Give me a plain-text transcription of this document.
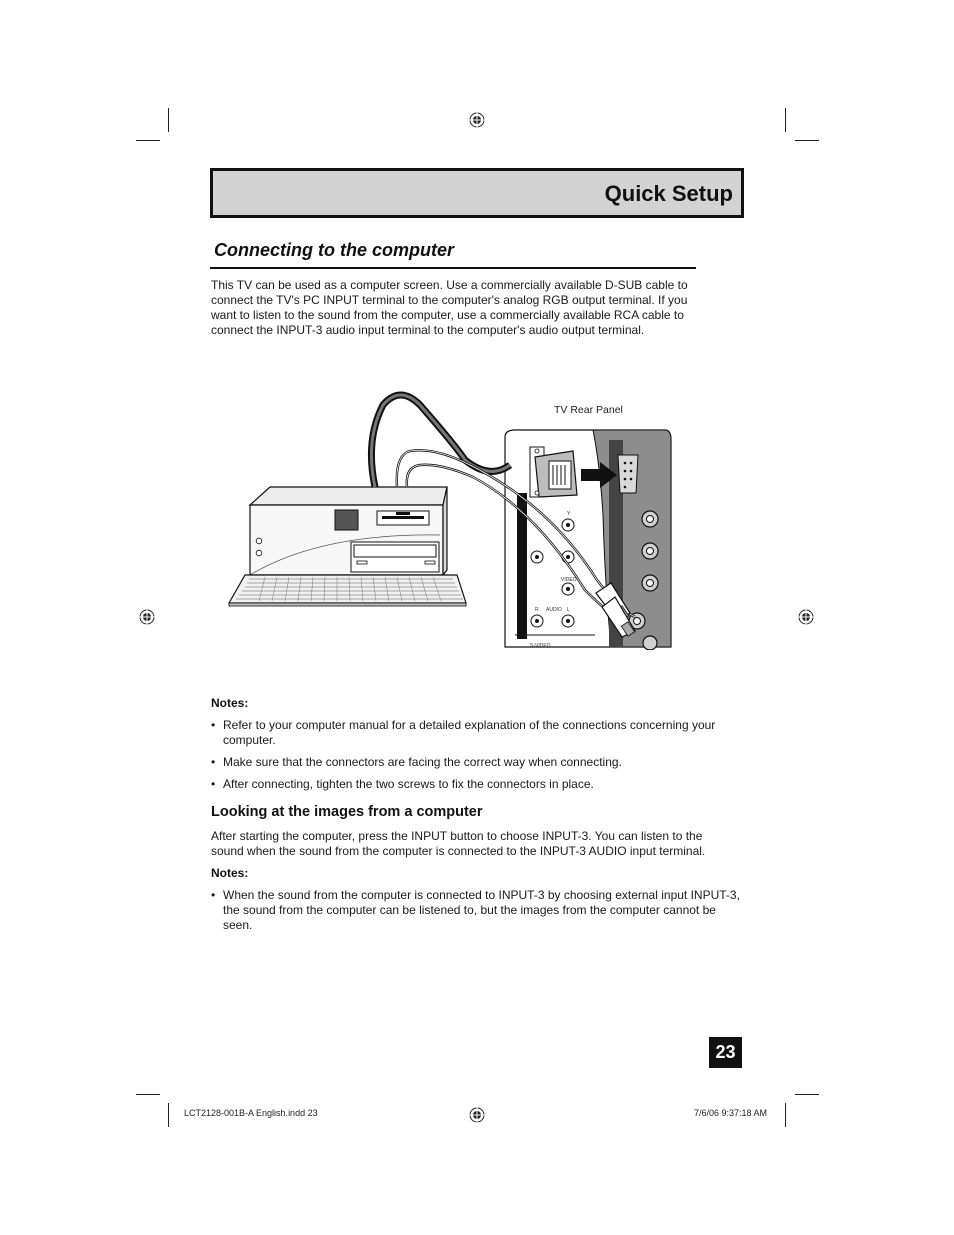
Quick Setup
Connecting to the computer
This TV can be used as a computer screen. Use a commercially available D-SUB cable to
connect the TV's PC INPUT terminal to the computer's analog RGB output terminal. If you
want to listen to the sound from the computer, use a commercially available RCA cable to
connect the INPUT-3 audio input terminal to the computer's audio output terminal.
TV Rear Panel
Y
VIDEO
R AUDIO L
S-VIDEO
COMP
Notes:
• Refer to your computer manual for a detailed explanation of the connections concerning your computer.
• Make sure that the connectors are facing the correct way when connecting.
• After connecting, tighten the two screws to fix the connectors in place.
Looking at the images from a computer
After starting the computer, press the INPUT button to choose INPUT-3. You can listen to the
sound when the sound from the computer is connected to the INPUT-3 AUDIO input terminal.
Notes:
• When the sound from the computer is connected to INPUT-3 by choosing external input INPUT-3, the sound from the computer can be listened to, but the images from the computer cannot be seen.
23
LCT2128-001B-A English.indd 23	7/6/06 9:37:18 AM
